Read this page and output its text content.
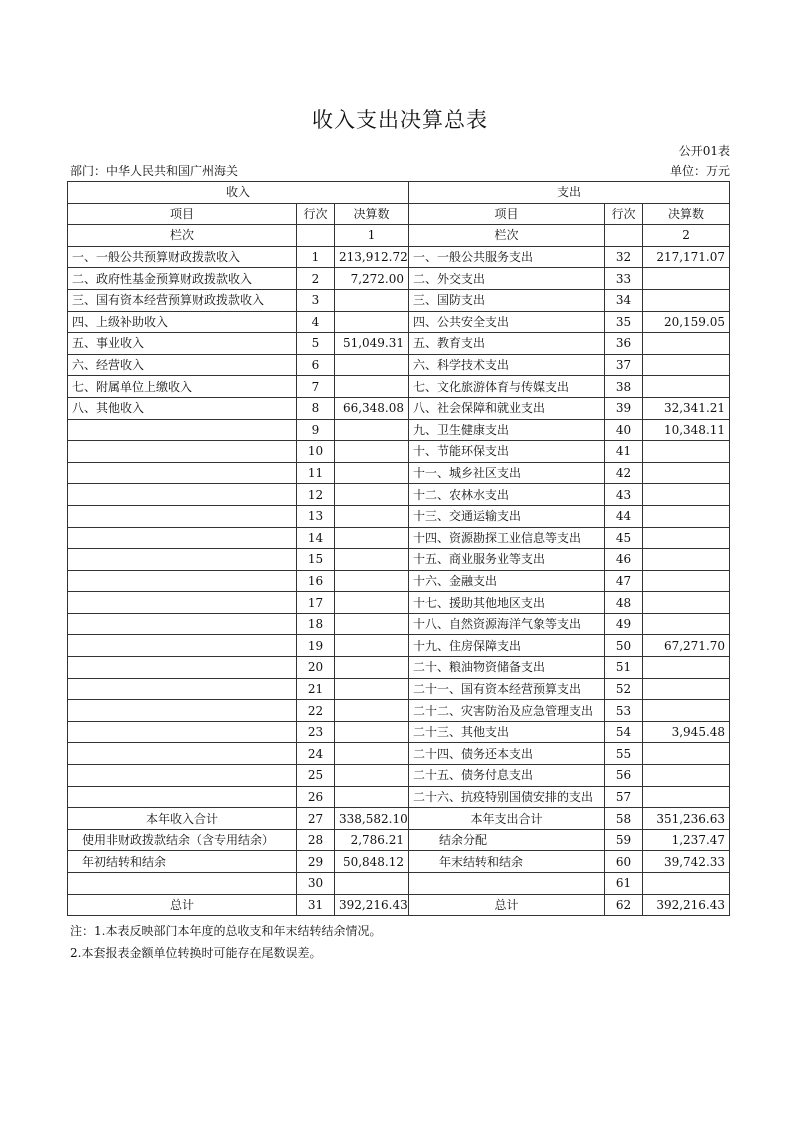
收入支出决算总表
公开01表
部门：中华人民共和国广州海关	单位：万元
收入			支出		
项目	行次	决算数	项目	行次	决算数
栏次		1	栏次		2
一、一般公共预算财政拨款收入	1	213,912.72	一、一般公共服务支出	32	217,171.07
二、政府性基金预算财政拨款收入	2	7,272.00	二、外交支出	33	
三、国有资本经营预算财政拨款收入	3		三、国防支出	34	
四、上级补助收入	4		四、公共安全支出	35	20,159.05
五、事业收入	5	51,049.31	五、教育支出	36	
六、经营收入	6		六、科学技术支出	37	
七、附属单位上缴收入	7		七、文化旅游体育与传媒支出	38	
八、其他收入	8	66,348.08	八、社会保障和就业支出	39	32,341.21
	9		九、卫生健康支出	40	10,348.11
	10		十、节能环保支出	41	
	11		十一、城乡社区支出	42	
	12		十二、农林水支出	43	
	13		十三、交通运输支出	44	
	14		十四、资源勘探工业信息等支出	45	
	15		十五、商业服务业等支出	46	
	16		十六、金融支出	47	
	17		十七、援助其他地区支出	48	
	18		十八、自然资源海洋气象等支出	49	
	19		十九、住房保障支出	50	67,271.70
	20		二十、粮油物资储备支出	51	
	21		二十一、国有资本经营预算支出	52	
	22		二十二、灾害防治及应急管理支出	53	
	23		二十三、其他支出	54	3,945.48
	24		二十四、债务还本支出	55	
	25		二十五、债务付息支出	56	
	26		二十六、抗疫特别国债安排的支出	57	
本年收入合计	27	338,582.10	本年支出合计	58	351,236.63
使用非财政拨款结余（含专用结余）	28	2,786.21	结余分配	59	1,237.47
年初结转和结余	29	50,848.12	年末结转和结余	60	39,742.33
	30			61	
总计	31	392,216.43	总计	62	392,216.43
注：1.本表反映部门本年度的总收支和年末结转结余情况。
2.本套报表金额单位转换时可能存在尾数误差。
